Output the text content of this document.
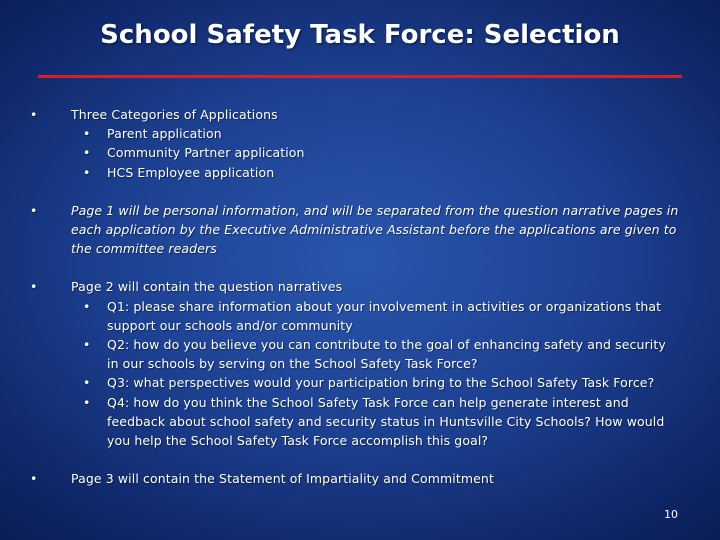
School Safety Task Force: Selection
•	Three Categories of Applications
• Parent application
• Community Partner application
• HCS Employee application
•	Page 1 will be personal information, and will be separated from the question narrative pages in each application by the Executive Administrative Assistant before the applications are given to the committee readers
•	Page 2 will contain the question narratives
• Q1: please share information about your involvement in activities or organizations that support our schools and/or community
• Q2: how do you believe you can contribute to the goal of enhancing safety and security in our schools by serving on the School Safety Task Force?
• Q3: what perspectives would your participation bring to the School Safety Task Force?
• Q4: how do you think the School Safety Task Force can help generate interest and feedback about school safety and security status in Huntsville City Schools? How would you help the School Safety Task Force accomplish this goal?
•	Page 3 will contain the Statement of Impartiality and Commitment
10
